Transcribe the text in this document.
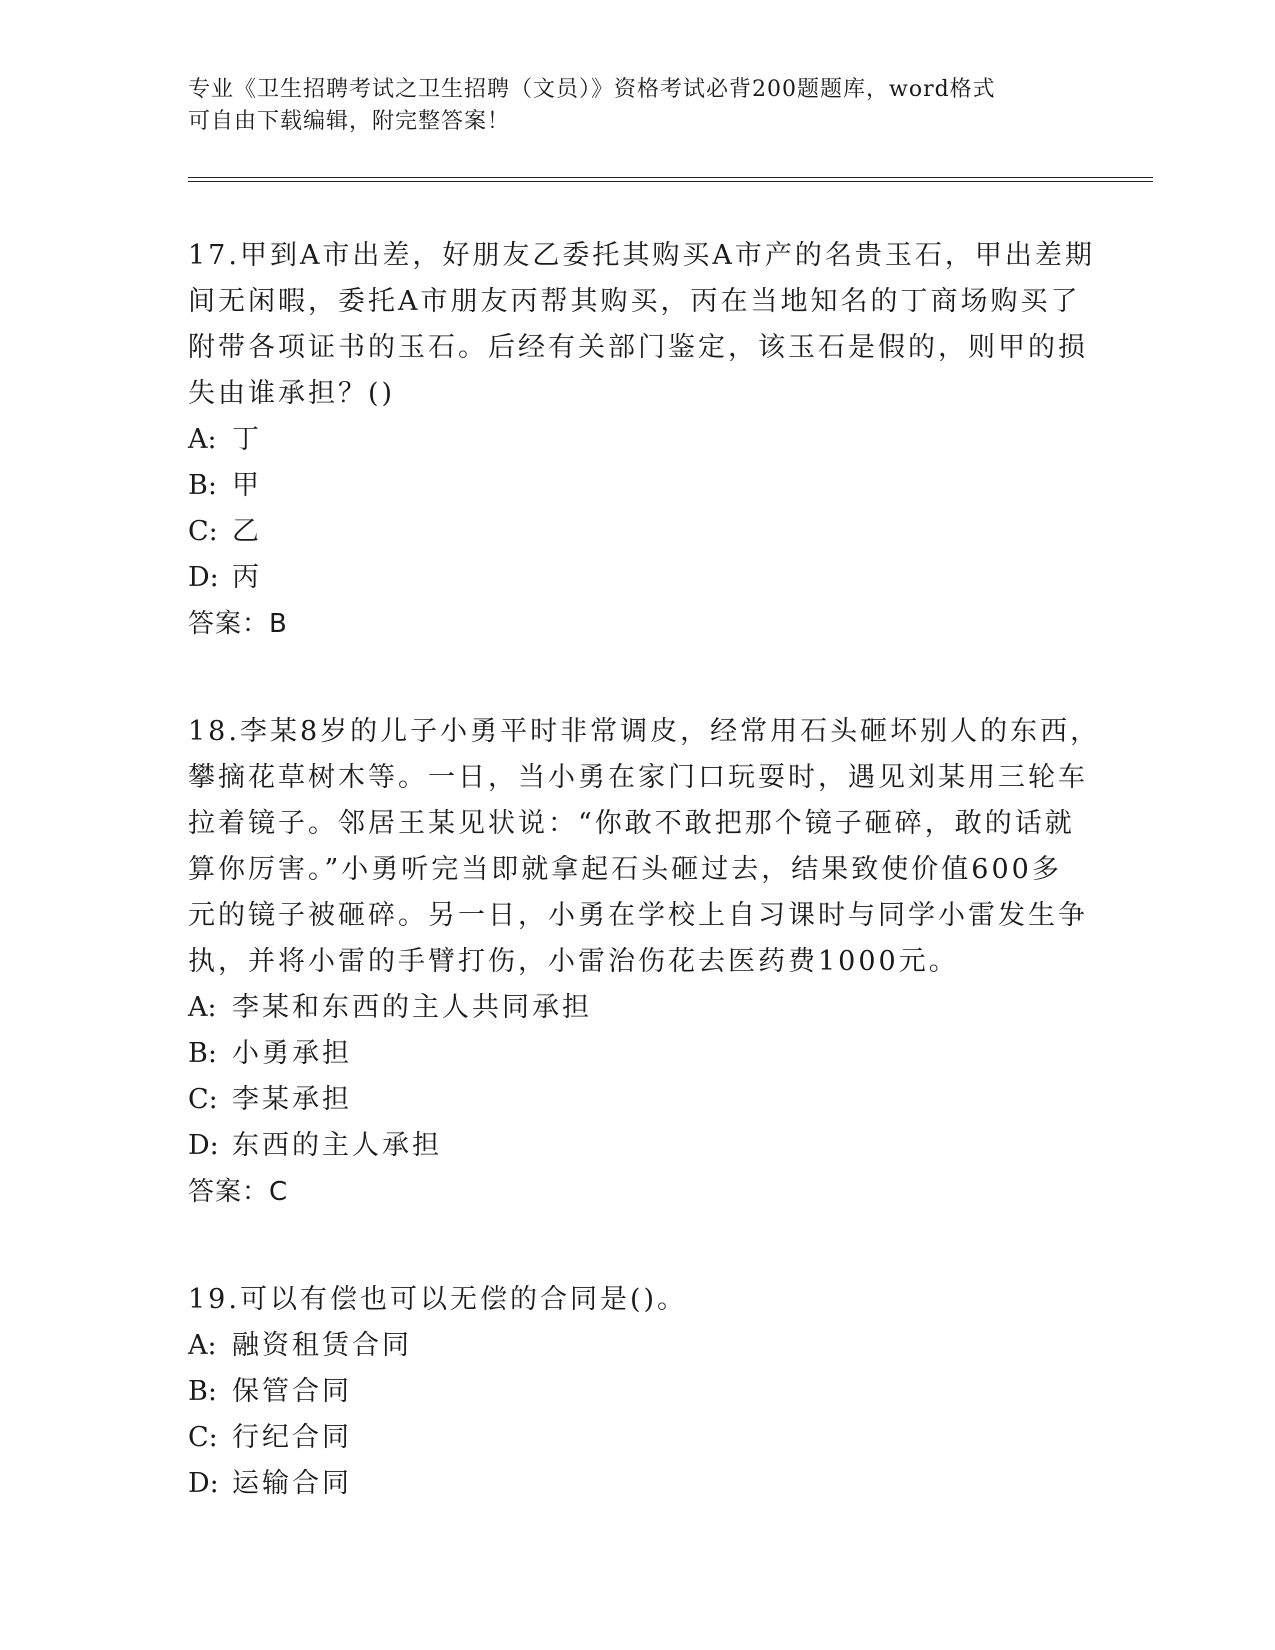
专业《卫生招聘考试之卫生招聘（文员）》资格考试必背200题题库，word格式
可自由下载编辑，附完整答案！
17.甲到A市出差，好朋友乙委托其购买A市产的名贵玉石，甲出差期
间无闲暇，委托A市朋友丙帮其购买，丙在当地知名的丁商场购买了
附带各项证书的玉石。后经有关部门鉴定，该玉石是假的，则甲的损
失由谁承担？()
A: 丁
B: 甲
C: 乙
D: 丙
答案：B
18.李某8岁的儿子小勇平时非常调皮，经常用石头砸坏别人的东西，
攀摘花草树木等。一日，当小勇在家门口玩耍时，遇见刘某用三轮车
拉着镜子。邻居王某见状说：“你敢不敢把那个镜子砸碎，敢的话就
算你厉害。”小勇听完当即就拿起石头砸过去，结果致使价值600多
元的镜子被砸碎。另一日，小勇在学校上自习课时与同学小雷发生争
执，并将小雷的手臂打伤，小雷治伤花去医药费1000元。
A: 李某和东西的主人共同承担
B: 小勇承担
C: 李某承担
D: 东西的主人承担
答案：C
19.可以有偿也可以无偿的合同是()。
A: 融资租赁合同
B: 保管合同
C: 行纪合同
D: 运输合同
